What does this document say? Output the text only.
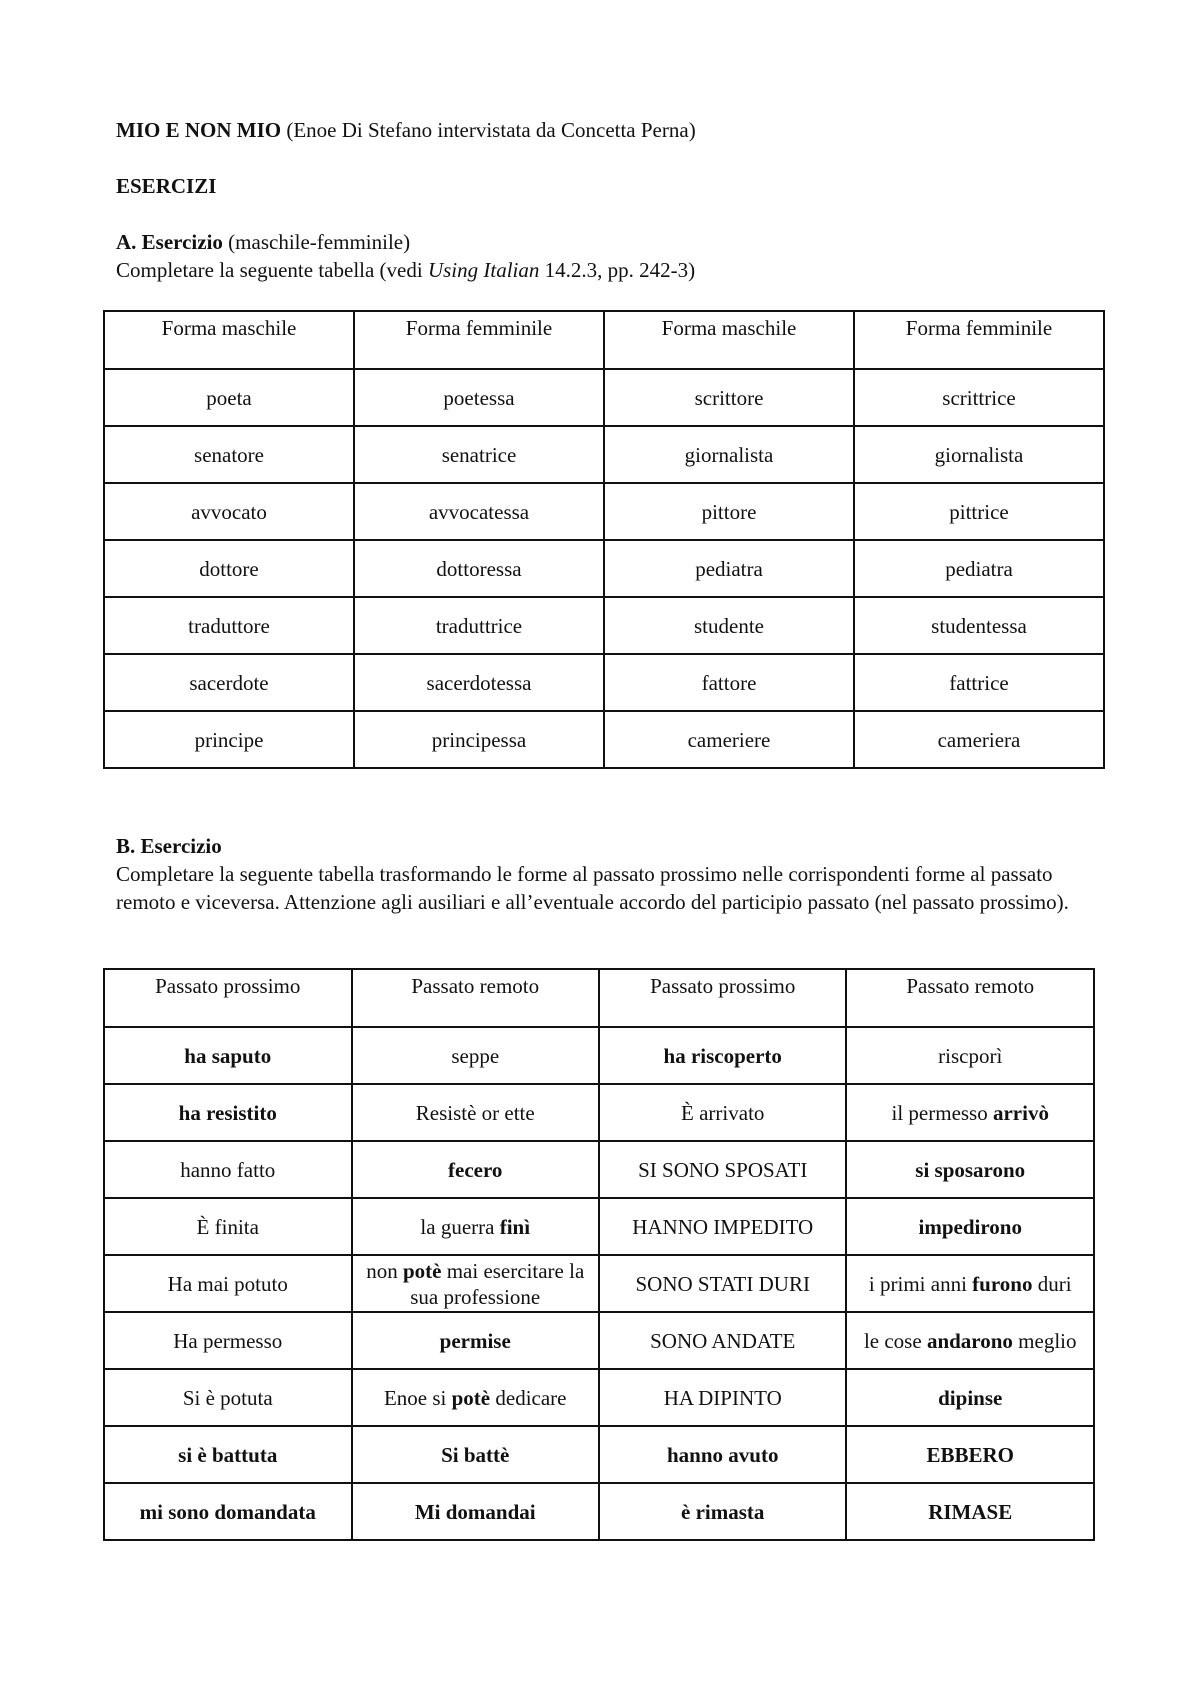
MIO E NON MIO (Enoe Di Stefano intervistata da Concetta Perna)

ESERCIZI

A. Esercizio (maschile-femminile)
Completare la seguente tabella (vedi Using Italian 14.2.3, pp. 242-3)
Forma maschile	Forma femminile	Forma maschile	Forma femminile
poeta	poetessa	scrittore	scrittrice
senatore	senatrice	giornalista	giornalista
avvocato	avvocatessa	pittore	pittrice
dottore	dottoressa	pediatra	pediatra
traduttore	traduttrice	studente	studentessa
sacerdote	sacerdotessa	fattore	fattrice
principe	principessa	cameriere	cameriera
B. Esercizio
Completare la seguente tabella trasformando le forme al passato prossimo nelle corrispondenti forme al passato remoto e viceversa. Attenzione agli ausiliari e all’eventuale accordo del participio passato (nel passato prossimo).
Passato prossimo	Passato remoto	Passato prossimo	Passato remoto
ha saputo	seppe	ha riscoperto	riscporì
ha resistito	Resistè or ette	È arrivato	il permesso arrivò
hanno fatto	fecero	SI SONO SPOSATI	si sposarono
È finita	la guerra finì	HANNO IMPEDITO	impedirono
Ha mai potuto	non potè mai esercitare la sua professione	SONO STATI DURI	i primi anni furono duri
Ha permesso	permise	SONO ANDATE	le cose andarono meglio
Si è potuta	Enoe si potè dedicare	HA DIPINTO	dipinse
si è battuta	Si battè	hanno avuto	EBBERO
mi sono domandata	Mi domandai	è rimasta	RIMASE
